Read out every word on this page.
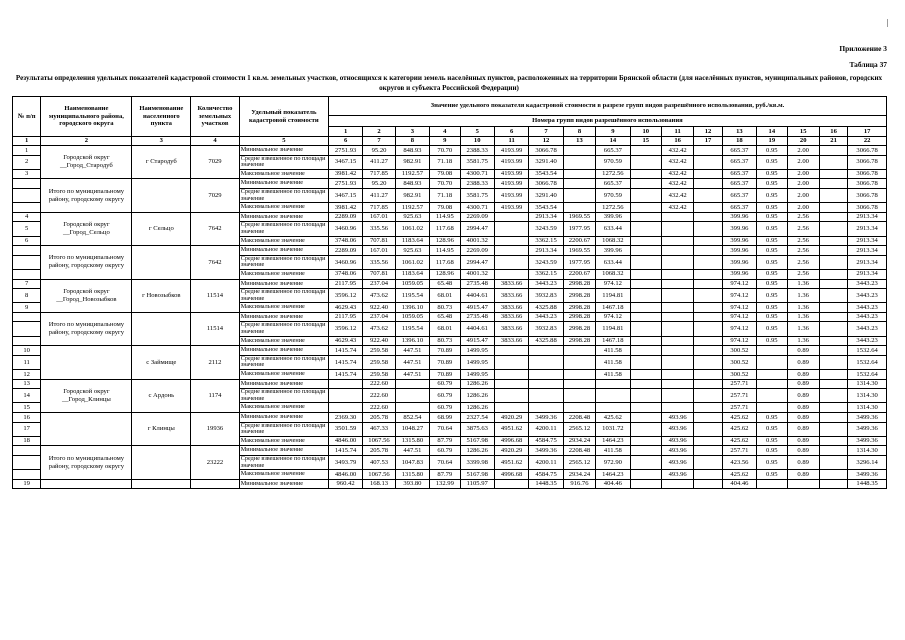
|
Приложение 3
Таблица 37
Результаты определения удельных показателей кадастровой стоимости 1 кв.м. земельных участков, относящихся к категории земель населённых пунктов, расположенных на территории Брянской области (для населённых пунктов, муниципальных районов, городских округов и субъекта Российской Федерации)
№ п/п	Наименование муниципального района, городского округа	Наименование населенного пункта	Количество земельных участков	Удельный показатель кадастровой стоимости	Значение удельного показателя кадастровой стоимости в разрезе групп видов разрешённого использования, руб./кв.м.																
					Номера групп видов разрешённого использования																
					1	2	3	4	5	6	7	8	9	10	11	12	13	14	15	16	17
1	2	3	4	5	6	7	8	9	10	11	12	13	14	15	16	17	18	19	20	21	22
1	Городской округ __Город_Стародуб	г Стародуб	7029	Минимальное значение	2751.93	95.20	848.93	70.70	2388.33	4193.99	3066.78		665.37		432.42		665.37	0.95	2.00		3066.78
2				Средне взвешенное по площади значение	3467.15	411.27	982.91	71.18	3581.75	4193.99	3291.40		970.59		432.42		665.37	0.95	2.00		3066.78
3				Максимальное значение	3981.42	717.85	1192.57	79.08	4300.71	4193.99	3543.54		1272.56		432.42		665.37	0.95	2.00		3066.78
	Итого по муниципальному району, городскому округу		7029	Минимальное значение	2751.93	95.20	848.93	70.70	2388.33	4193.99	3066.78		665.37		432.42		665.37	0.95	2.00		3066.78
				Средне взвешенное по площади значение	3467.15	411.27	982.91	71.18	3581.75	4193.99	3291.40		970.59		432.42		665.37	0.95	2.00		3066.78
				Максимальное значение	3981.42	717.85	1192.57	79.08	4300.71	4193.99	3543.54		1272.56		432.42		665.37	0.95	2.00		3066.78
4	Городской округ __Город_Сельцо	г Сельцо	7642	Минимальное значение	2289.09	167.01	925.63	114.95	2269.09		2913.34	1969.55	399.96				399.96	0.95	2.56		2913.34
5				Средне взвешенное по площади значение	3460.96	335.56	1061.02	117.68	2994.47		3243.59	1977.95	633.44				399.96	0.95	2.56		2913.34
6				Максимальное значение	3748.06	707.81	1183.64	128.96	4001.32		3362.15	2200.67	1068.32				399.96	0.95	2.56		2913.34
	Итого по муниципальному району, городскому округу		7642	Минимальное значение	2289.09	167.01	925.63	114.95	2269.09		2913.34	1969.55	399.96				399.96	0.95	2.56		2913.34
				Средне взвешенное по площади значение	3460.96	335.56	1061.02	117.68	2994.47		3243.59	1977.95	633.44				399.96	0.95	2.56		2913.34
				Максимальное значение	3748.06	707.81	1183.64	128.96	4001.32		3362.15	2200.67	1068.32				399.96	0.95	2.56		2913.34
7	Городской округ __Город_Новозыбков	г Новозыбков	11514	Минимальное значение	2117.95	237.04	1059.05	65.48	2735.48	3833.66	3443.23	2998.28	974.12				974.12	0.95	1.36		3443.23
8				Средне взвешенное по площади значение	3596.12	473.62	1195.54	68.01	4404.61	3833.66	3932.83	2998.28	1194.81				974.12	0.95	1.36		3443.23
9				Максимальное значение	4629.43	922.40	1396.10	80.73	4915.47	3833.66	4325.88	2998.28	1467.18				974.12	0.95	1.36		3443.23
	Итого по муниципальному району, городскому округу		11514	Минимальное значение	2117.95	237.04	1059.05	65.48	2735.48	3833.66	3443.23	2998.28	974.12				974.12	0.95	1.36		3443.23
				Средне взвешенное по площади значение	3596.12	473.62	1195.54	68.01	4404.61	3833.66	3932.83	2998.28	1194.81				974.12	0.95	1.36		3443.23
				Максимальное значение	4629.43	922.40	1396.10	80.73	4915.47	3833.66	4325.88	2998.28	1467.18				974.12	0.95	1.36		3443.23
10		с Займище	2112	Минимальное значение	1415.74	259.58	447.51	70.89	1499.95				411.58				300.52		0.89		1532.64
11				Средне взвешенное по площади значение	1415.74	259.58	447.51	70.89	1499.95				411.58				300.52		0.89		1532.64
12				Максимальное значение	1415.74	259.58	447.51	70.89	1499.95				411.58				300.52		0.89		1532.64
13	Городской округ __Город_Клинцы	с Ардонь	1174	Минимальное значение		222.60		60.79	1286.26								257.71		0.89		1314.30
14				Средне взвешенное по площади значение		222.60		60.79	1286.26								257.71		0.89		1314.30
15				Максимальное значение		222.60		60.79	1286.26								257.71		0.89		1314.30
16		г Клинцы	19936	Минимальное значение	2369.30	205.78	852.54	68.99	2327.54	4920.29	3499.36	2208.48	425.62		493.96		425.62	0.95	0.89		3499.36
17				Средне взвешенное по площади значение	3501.59	467.33	1048.27	70.64	3875.63	4951.62	4200.11	2565.12	1031.72		493.96		425.62	0.95	0.89		3499.36
18				Максимальное значение	4846.00	1067.56	1315.80	87.79	5167.98	4996.68	4584.75	2934.24	1464.23		493.96		425.62	0.95	0.89		3499.36
	Итого по муниципальному району, городскому округу		23222	Минимальное значение	1415.74	205.78	447.51	60.79	1286.26	4920.29	3499.36	2208.48	411.58		493.96		257.71	0.95	0.89		1314.30
				Средне взвешенное по площади значение	3493.79	407.53	1047.83	70.64	3399.98	4951.62	4200.11	2565.12	972.90		493.96		423.56	0.95	0.89		3296.14
				Максимальное значение	4846.00	1067.56	1315.80	87.79	5167.98	4996.68	4584.75	2934.24	1464.23		493.96		425.62	0.95	0.89		3499.36
19				Минимальное значение	960.42	168.13	393.80	132.99	1105.97		1448.35	916.76	404.46				404.46				1448.35
